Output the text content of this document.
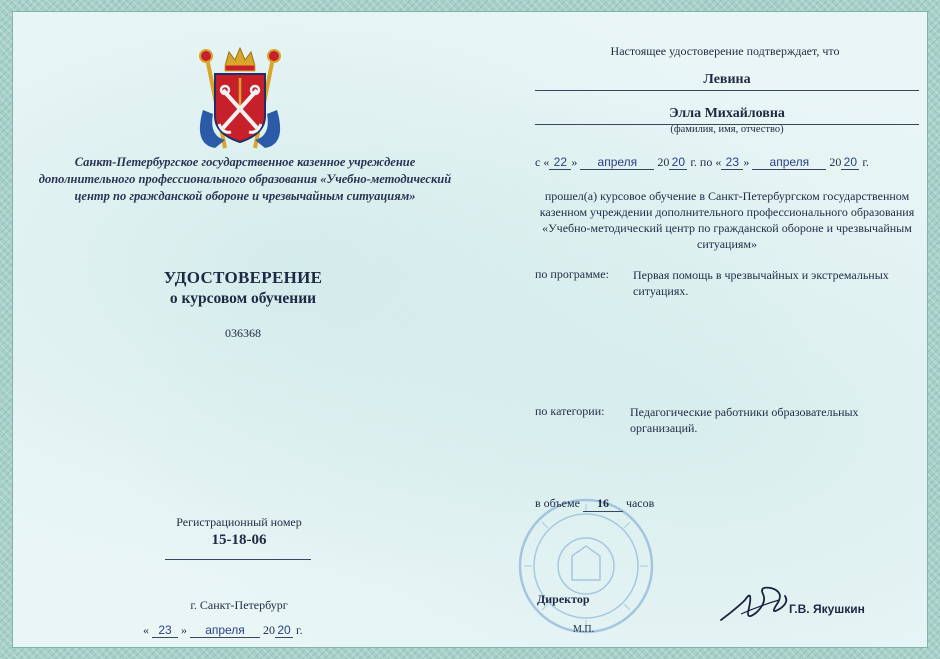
Санкт-Петербургское государственное казенное учреждение дополнительного профессионального образования «Учебно-методический центр по гражданской обороне и чрезвычайным ситуациям»
УДОСТОВЕРЕНИЕ
о курсовом обучении
036368
Регистрационный номер
15-18-06
г. Санкт-Петербург
« 23 » апреля 20 20 г.
Настоящее удостоверение подтверждает, что
Левина
Элла Михайловна
(фамилия, имя, отчество)
с « 22 » апреля 20 20 г. по « 23 » апреля 20 20 г.
прошел(а) курсовое обучение в Санкт-Петербургском государственном казенном учреждении дополнительного профессионального образования «Учебно-методический центр по гражданской обороне и чрезвычайным ситуациям»
по программе: Первая помощь в чрезвычайных и экстремальных ситуациях.
по категории: Педагогические работники образовательных организаций.
в объеме 16 часов
Директор
М.П.
Г.В. Якушкин
